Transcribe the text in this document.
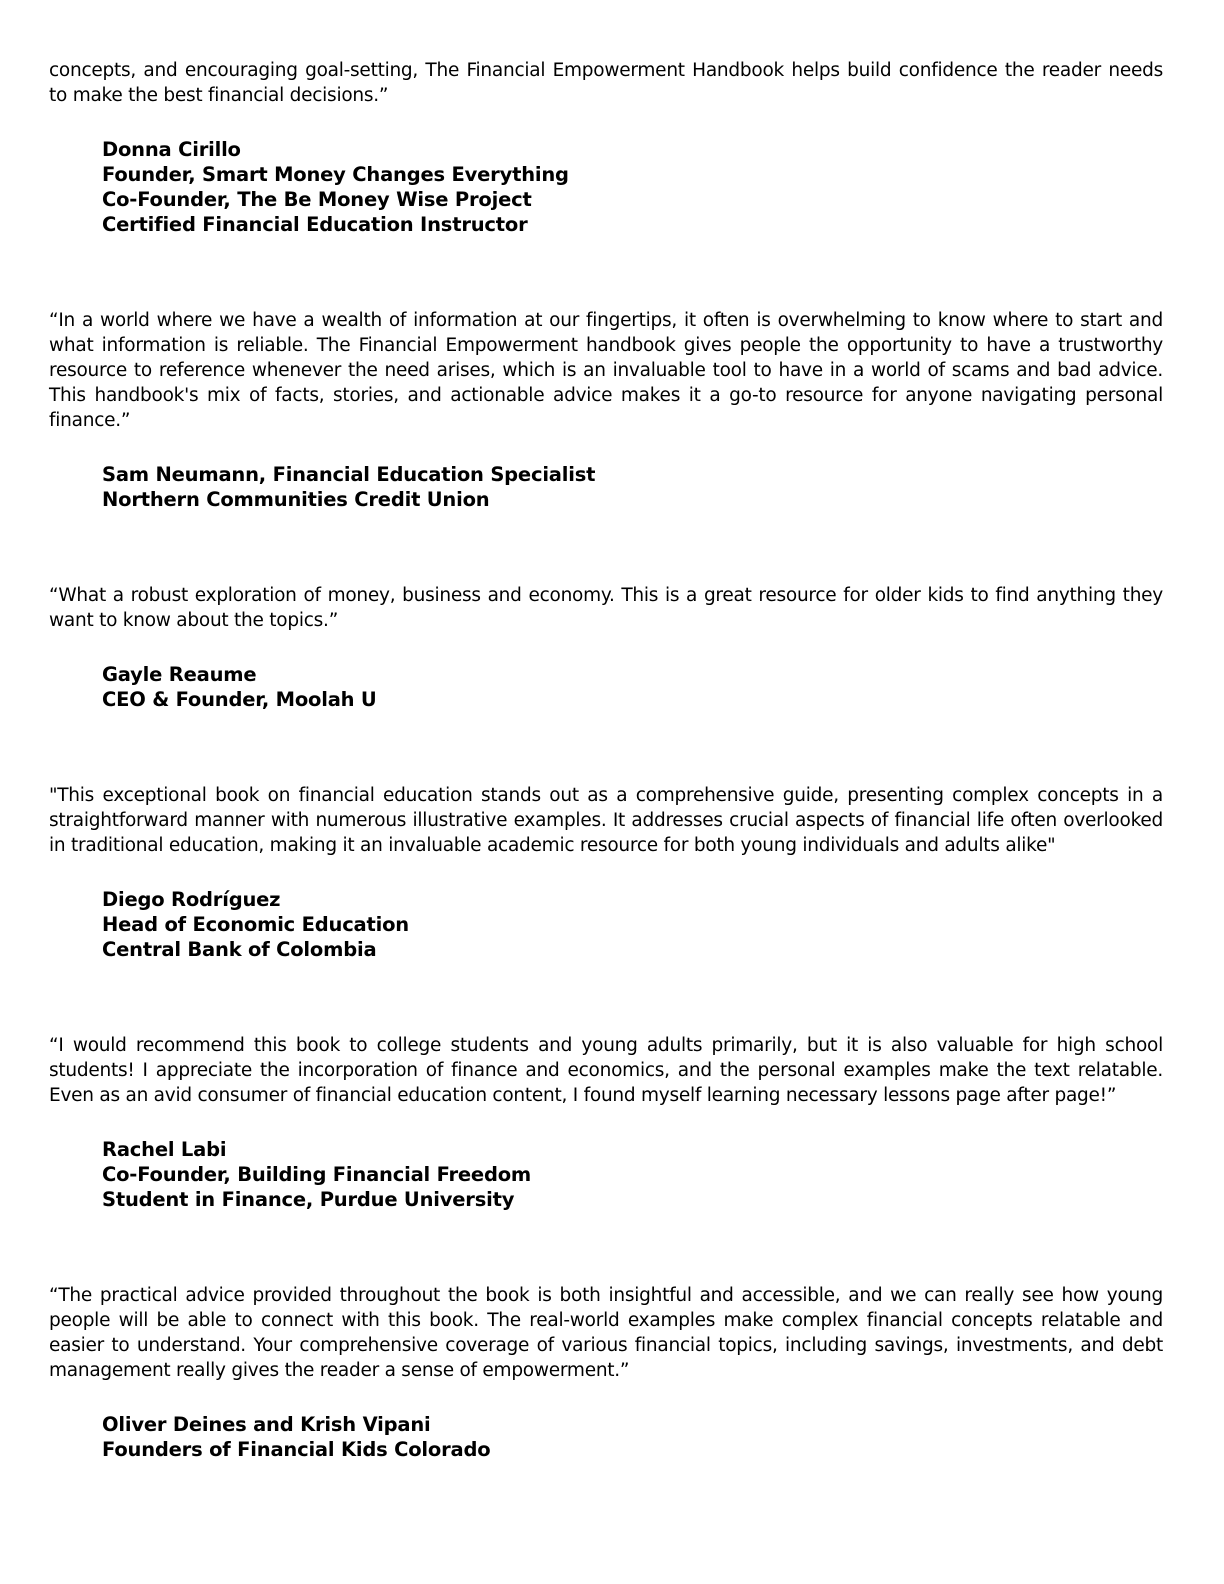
concepts, and encouraging goal-setting, The Financial Empowerment Handbook helps build confidence the reader needs to make the best financial decisions.”

Donna Cirillo
Founder, Smart Money Changes Everything
Co-Founder, The Be Money Wise Project
Certified Financial Education Instructor

“In a world where we have a wealth of information at our fingertips, it often is overwhelming to know where to start and what information is reliable. The Financial Empowerment handbook gives people the opportunity to have a trustworthy resource to reference whenever the need arises, which is an invaluable tool to have in a world of scams and bad advice. This handbook's mix of facts, stories, and actionable advice makes it a go-to resource for anyone navigating personal finance.”

Sam Neumann, Financial Education Specialist
Northern Communities Credit Union

“What a robust exploration of money, business and economy. This is a great resource for older kids to find anything they want to know about the topics.”

Gayle Reaume
CEO & Founder, Moolah U

"This exceptional book on financial education stands out as a comprehensive guide, presenting complex concepts in a straightforward manner with numerous illustrative examples. It addresses crucial aspects of financial life often overlooked in traditional education, making it an invaluable academic resource for both young individuals and adults alike"

Diego Rodríguez
Head of Economic Education
Central Bank of Colombia

“I would recommend this book to college students and young adults primarily, but it is also valuable for high school students! I appreciate the incorporation of finance and economics, and the personal examples make the text relatable. Even as an avid consumer of financial education content, I found myself learning necessary lessons page after page!”

Rachel Labi
Co-Founder, Building Financial Freedom
Student in Finance, Purdue University

“The practical advice provided throughout the book is both insightful and accessible, and we can really see how young people will be able to connect with this book. The real-world examples make complex financial concepts relatable and easier to understand. Your comprehensive coverage of various financial topics, including savings, investments, and debt management really gives the reader a sense of empowerment.”

Oliver Deines and Krish Vipani
Founders of Financial Kids Colorado
